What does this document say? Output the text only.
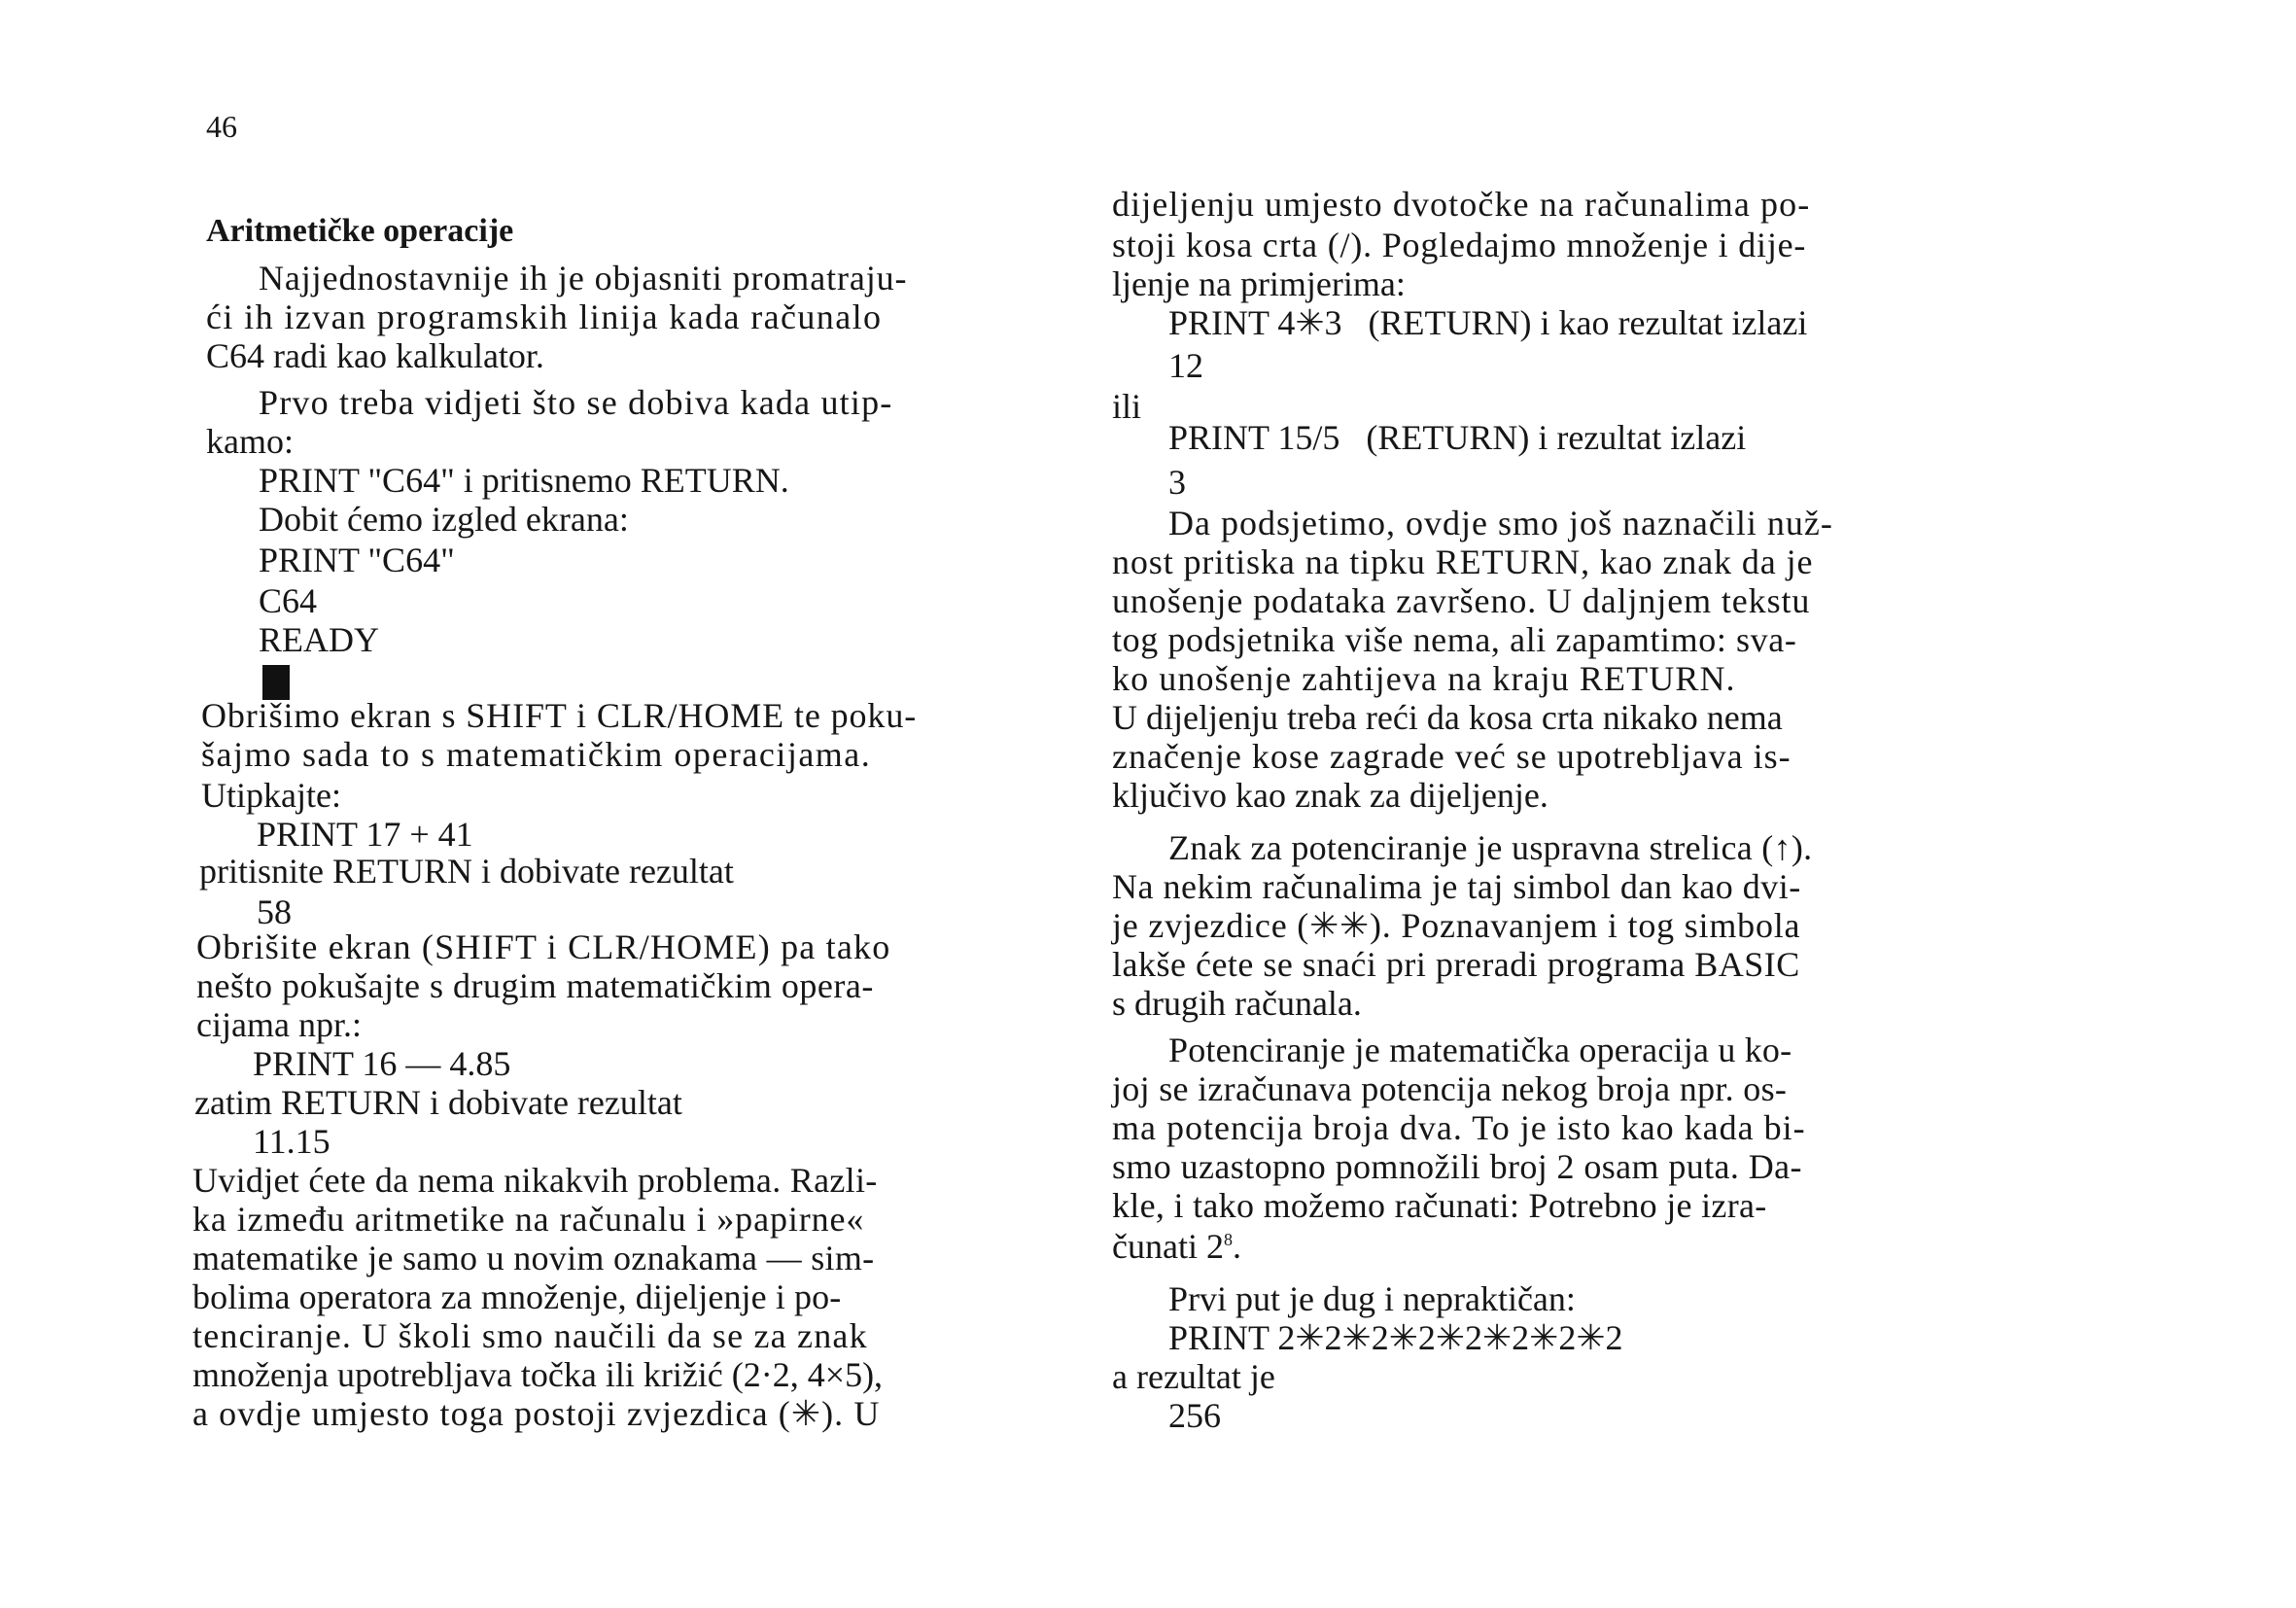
46
Aritmetičke operacije
Najjednostavnije ih je objasniti promatraju-
ći ih izvan programskih linija kada računalo
C64 radi kao kalkulator.
Prvo treba vidjeti što se dobiva kada utip-
kamo:
PRINT "C64" i pritisnemo RETURN.
Dobit ćemo izgled ekrana:
PRINT "C64"
C64
READY
Obrišimo ekran s SHIFT i CLR/HOME te poku-
šajmo sada to s matematičkim operacijama.
Utipkajte:
PRINT 17 + 41
pritisnite RETURN i dobivate rezultat
58
Obrišite ekran (SHIFT i CLR/HOME) pa tako
nešto pokušajte s drugim matematičkim opera-
cijama npr.:
PRINT 16 — 4.85
zatim RETURN i dobivate rezultat
11.15
Uvidjet ćete da nema nikakvih problema. Razli-
ka između aritmetike na računalu i »papirne«
matematike je samo u novim oznakama — sim-
bolima operatora za množenje, dijeljenje i po-
tenciranje. U školi smo naučili da se za znak
množenja upotrebljava točka ili križić (2·2, 4×5),
a ovdje umjesto toga postoji zvjezdica (✳). U
dijeljenju umjesto dvotočke na računalima po-
stoji kosa crta (/). Pogledajmo množenje i dije-
ljenje na primjerima:
PRINT 4✳3   (RETURN) i kao rezultat izlazi
12
ili
PRINT 15/5   (RETURN) i rezultat izlazi
3
Da podsjetimo, ovdje smo još naznačili nuž-
nost pritiska na tipku RETURN, kao znak da je
unošenje podataka završeno. U daljnjem tekstu
tog podsjetnika više nema, ali zapamtimo: sva-
ko unošenje zahtijeva na kraju RETURN.
U dijeljenju treba reći da kosa crta nikako nema
značenje kose zagrade već se upotrebljava is-
ključivo kao znak za dijeljenje.
Znak za potenciranje je uspravna strelica (↑).
Na nekim računalima je taj simbol dan kao dvi-
je zvjezdice (✳✳). Poznavanjem i tog simbola
lakše ćete se snaći pri preradi programa BASIC
s drugih računala.
Potenciranje je matematička operacija u ko-
joj se izračunava potencija nekog broja npr. os-
ma potencija broja dva. To je isto kao kada bi-
smo uzastopno pomnožili broj 2 osam puta. Da-
kle, i tako možemo računati: Potrebno je izra-
čunati $2^8$.
Prvi put je dug i nepraktičan:
PRINT 2✳2✳2✳2✳2✳2✳2✳2
a rezultat je
256
